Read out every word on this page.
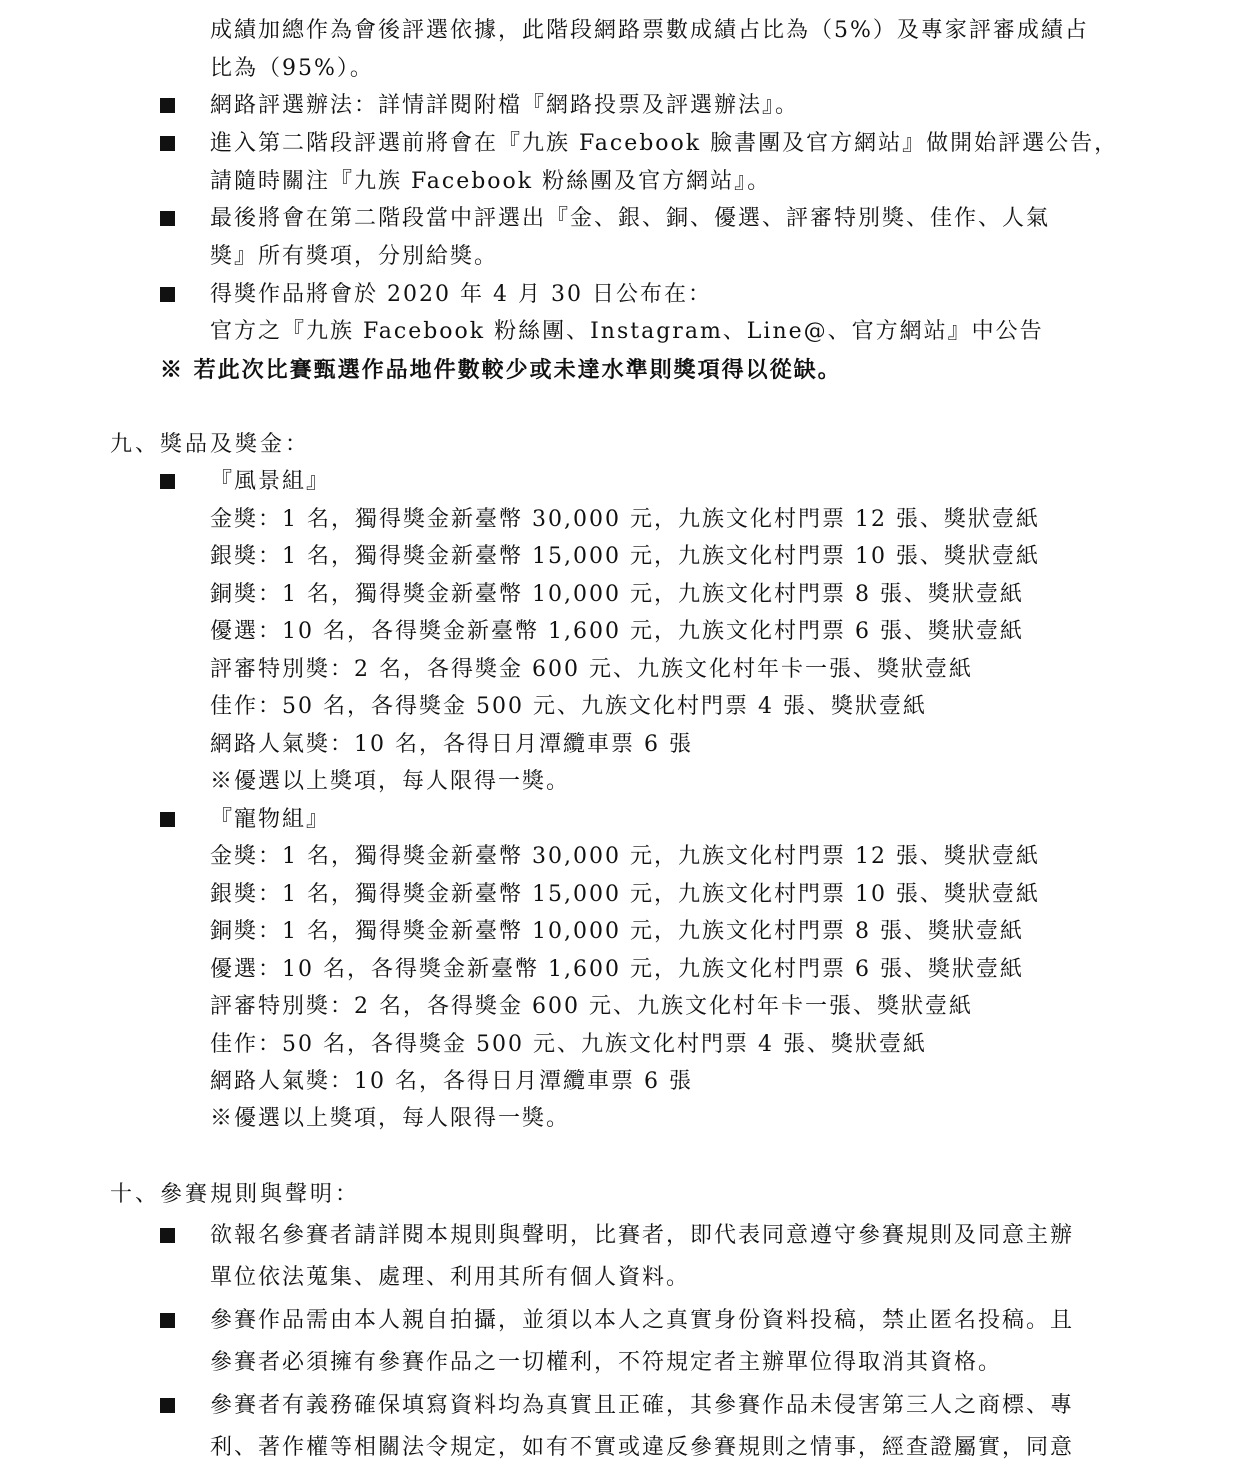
成績加總作為會後評選依據，此階段網路票數成績占比為（5%）及專家評審成績占
比為（95%）。
網路評選辦法：詳情詳閱附檔『網路投票及評選辦法』。
進入第二階段評選前將會在『九族 Facebook 臉書團及官方網站』做開始評選公告，
請隨時關注『九族 Facebook 粉絲團及官方網站』。
最後將會在第二階段當中評選出『金、銀、銅、優選、評審特別獎、佳作、人氣
獎』所有獎項，分別給獎。
得獎作品將會於 2020 年 4 月 30 日公布在：
官方之『九族 Facebook 粉絲團、Instagram、Line@、官方網站』中公告
※ 若此次比賽甄選作品地件數較少或未達水準則獎項得以從缺。
九、獎品及獎金：
『風景組』
金獎：1 名，獨得獎金新臺幣 30,000 元，九族文化村門票 12 張、獎狀壹紙
銀獎：1 名，獨得獎金新臺幣 15,000 元，九族文化村門票 10 張、獎狀壹紙
銅獎：1 名，獨得獎金新臺幣 10,000 元，九族文化村門票 8 張、獎狀壹紙
優選：10 名，各得獎金新臺幣 1,600 元，九族文化村門票 6 張、獎狀壹紙
評審特別獎：2 名，各得獎金 600 元、九族文化村年卡一張、獎狀壹紙
佳作：50 名，各得獎金 500 元、九族文化村門票 4 張、獎狀壹紙
網路人氣獎：10 名，各得日月潭纜車票 6 張
※優選以上獎項，每人限得一獎。
『寵物組』
金獎：1 名，獨得獎金新臺幣 30,000 元，九族文化村門票 12 張、獎狀壹紙
銀獎：1 名，獨得獎金新臺幣 15,000 元，九族文化村門票 10 張、獎狀壹紙
銅獎：1 名，獨得獎金新臺幣 10,000 元，九族文化村門票 8 張、獎狀壹紙
優選：10 名，各得獎金新臺幣 1,600 元，九族文化村門票 6 張、獎狀壹紙
評審特別獎：2 名，各得獎金 600 元、九族文化村年卡一張、獎狀壹紙
佳作：50 名，各得獎金 500 元、九族文化村門票 4 張、獎狀壹紙
網路人氣獎：10 名，各得日月潭纜車票 6 張
※優選以上獎項，每人限得一獎。
十、參賽規則與聲明：
欲報名參賽者請詳閱本規則與聲明，比賽者，即代表同意遵守參賽規則及同意主辦
單位依法蒐集、處理、利用其所有個人資料。
參賽作品需由本人親自拍攝，並須以本人之真實身份資料投稿，禁止匿名投稿。且
參賽者必須擁有參賽作品之一切權利，不符規定者主辦單位得取消其資格。
參賽者有義務確保填寫資料均為真實且正確，其參賽作品未侵害第三人之商標、專
利、著作權等相關法令規定，如有不實或違反參賽規則之情事，經查證屬實，同意
